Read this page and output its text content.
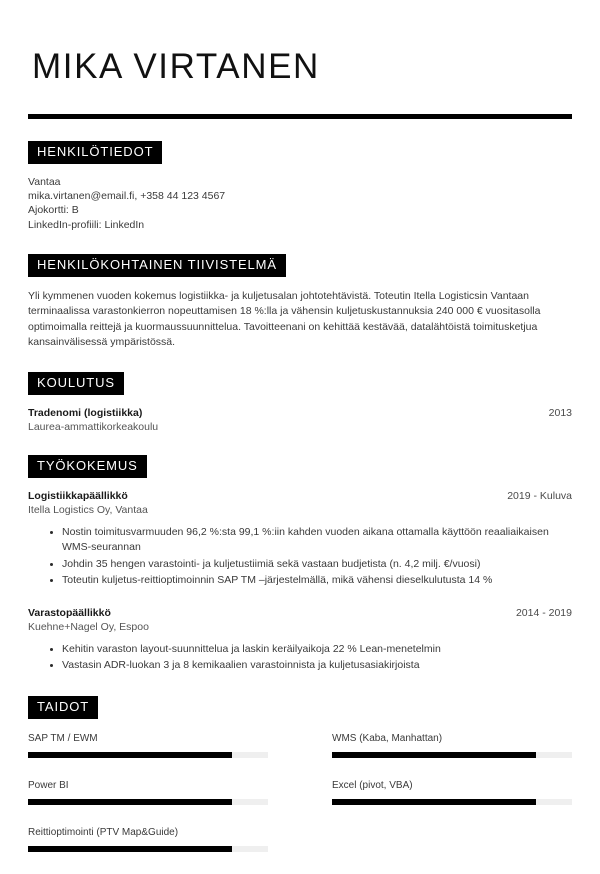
MIKA VIRTANEN
HENKILÖTIEDOT
Vantaa
mika.virtanen@email.fi, +358 44 123 4567
Ajokortti: B
LinkedIn-profiili: LinkedIn
HENKILÖKOHTAINEN TIIVISTELMÄ

Yli kymmenen vuoden kokemus logistiikka- ja kuljetusalan johtotehtävistä. Toteutin Itella Logisticsin Vantaan terminaalissa varastonkierron nopeuttamisen 18 %:lla ja vähensin kuljetuskustannuksia 240 000 € vuositasolla optimoimalla reittejä ja kuormaussuunnittelua. Tavoitteenani on kehittää kestävää, datalähtöistä toimitusketjua kansainvälisessä ympäristössä.

KOULUTUS
Tradenomi (logistiikka)	2013
Laurea-ammattikorkeakoulu
TYÖKOKEMUS
Logistiikkapäällikkö	2019 - Kuluva
Itella Logistics Oy, Vantaa
Nostin toimitusvarmuuden 96,2 %:sta 99,1 %:iin kahden vuoden aikana ottamalla käyttöön reaaliaikaisen WMS-seurannan
Johdin 35 hengen varastointi- ja kuljetustiimiä sekä vastaan budjetista (n. 4,2 milj. €/vuosi)
Toteutin kuljetus-reittioptimoinnin SAP TM –järjestelmällä, mikä vähensi dieselkulutusta 14 %
Varastopäällikkö	2014 - 2019
Kuehne+Nagel Oy, Espoo
Kehitin varaston layout-suunnittelua ja laskin keräilyaikoja 22 % Lean-menetelmin
Vastasin ADR-luokan 3 ja 8 kemikaalien varastoinnista ja kuljetusasiakirjoista
TAIDOT
SAP TM / EWM	WMS (Kaba, Manhattan)
Power BI	Excel (pivot, VBA)
Reittioptimointi (PTV Map&Guide)
